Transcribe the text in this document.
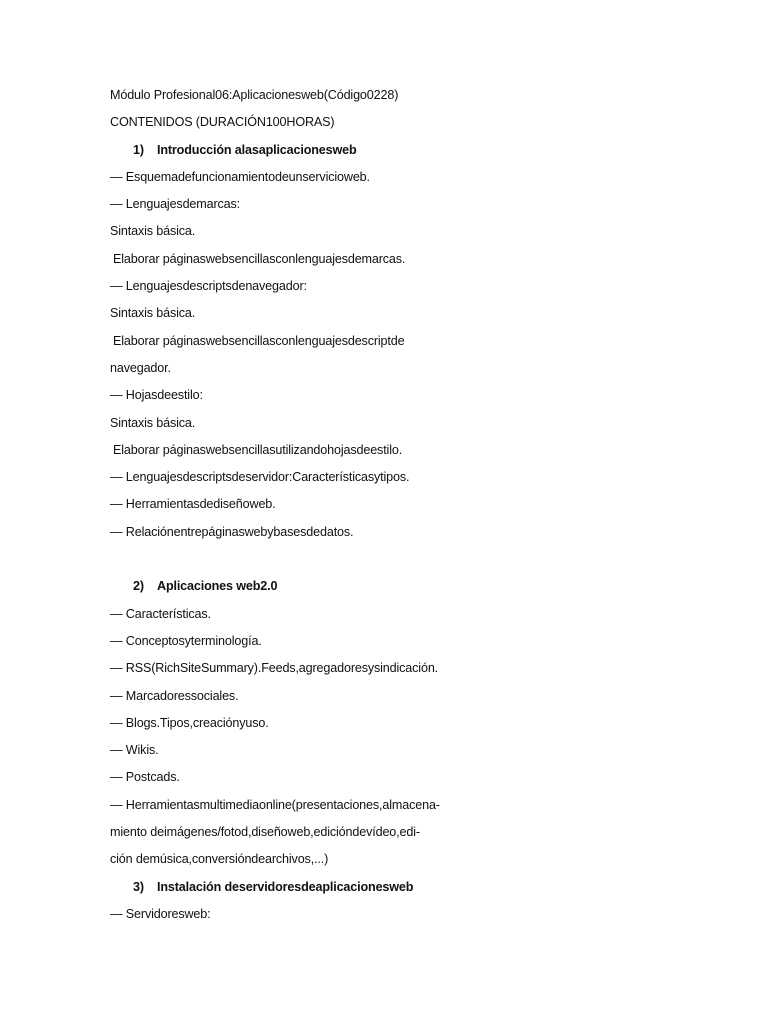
Módulo Profesional06:Aplicacionesweb(Código0228)
CONTENIDOS (DURACIÓN100HORAS)
1) Introducción alasaplicacionesweb
— Esquemadefuncionamientodeunserviciowеb.
— Lenguajesdemarcas:
Sintaxis básica.
Elaborar páginaswebsencillasconlenguajesdemarcas.
— Lenguajesdescriptsdenavegador:
Sintaxis básica.
Elaborar páginaswebsencillasconlenguajesdescriptde
navegador.
— Hojasdeestilo:
Sintaxis básica.
Elaborar páginaswebsencillasutilizandohojasdeestilo.
— Lenguajesdescriptsdeservidor:Característicasytipos.
— Herramientasdediseñoweb.
— Relaciónentrepáginaswebybasesdedatos.
2) Aplicaciones web2.0
— Características.
— Conceptosyterminología.
— RSS(RichSiteSummary).Feeds,agregadoresysindicación.
— Marcadoressociales.
— Blogs.Tipos,creaciónyuso.
— Wikis.
— Postcads.
— Herramientasmultimediaonline(presentaciones,almacena-
miento deimágenes/fotod,diseñoweb,edicióndevídeo,edi-
ción demúsica,conversióndearchivos,...)
3) Instalación deservidoresdeaplicacionesweb
— Servidoresweb:
